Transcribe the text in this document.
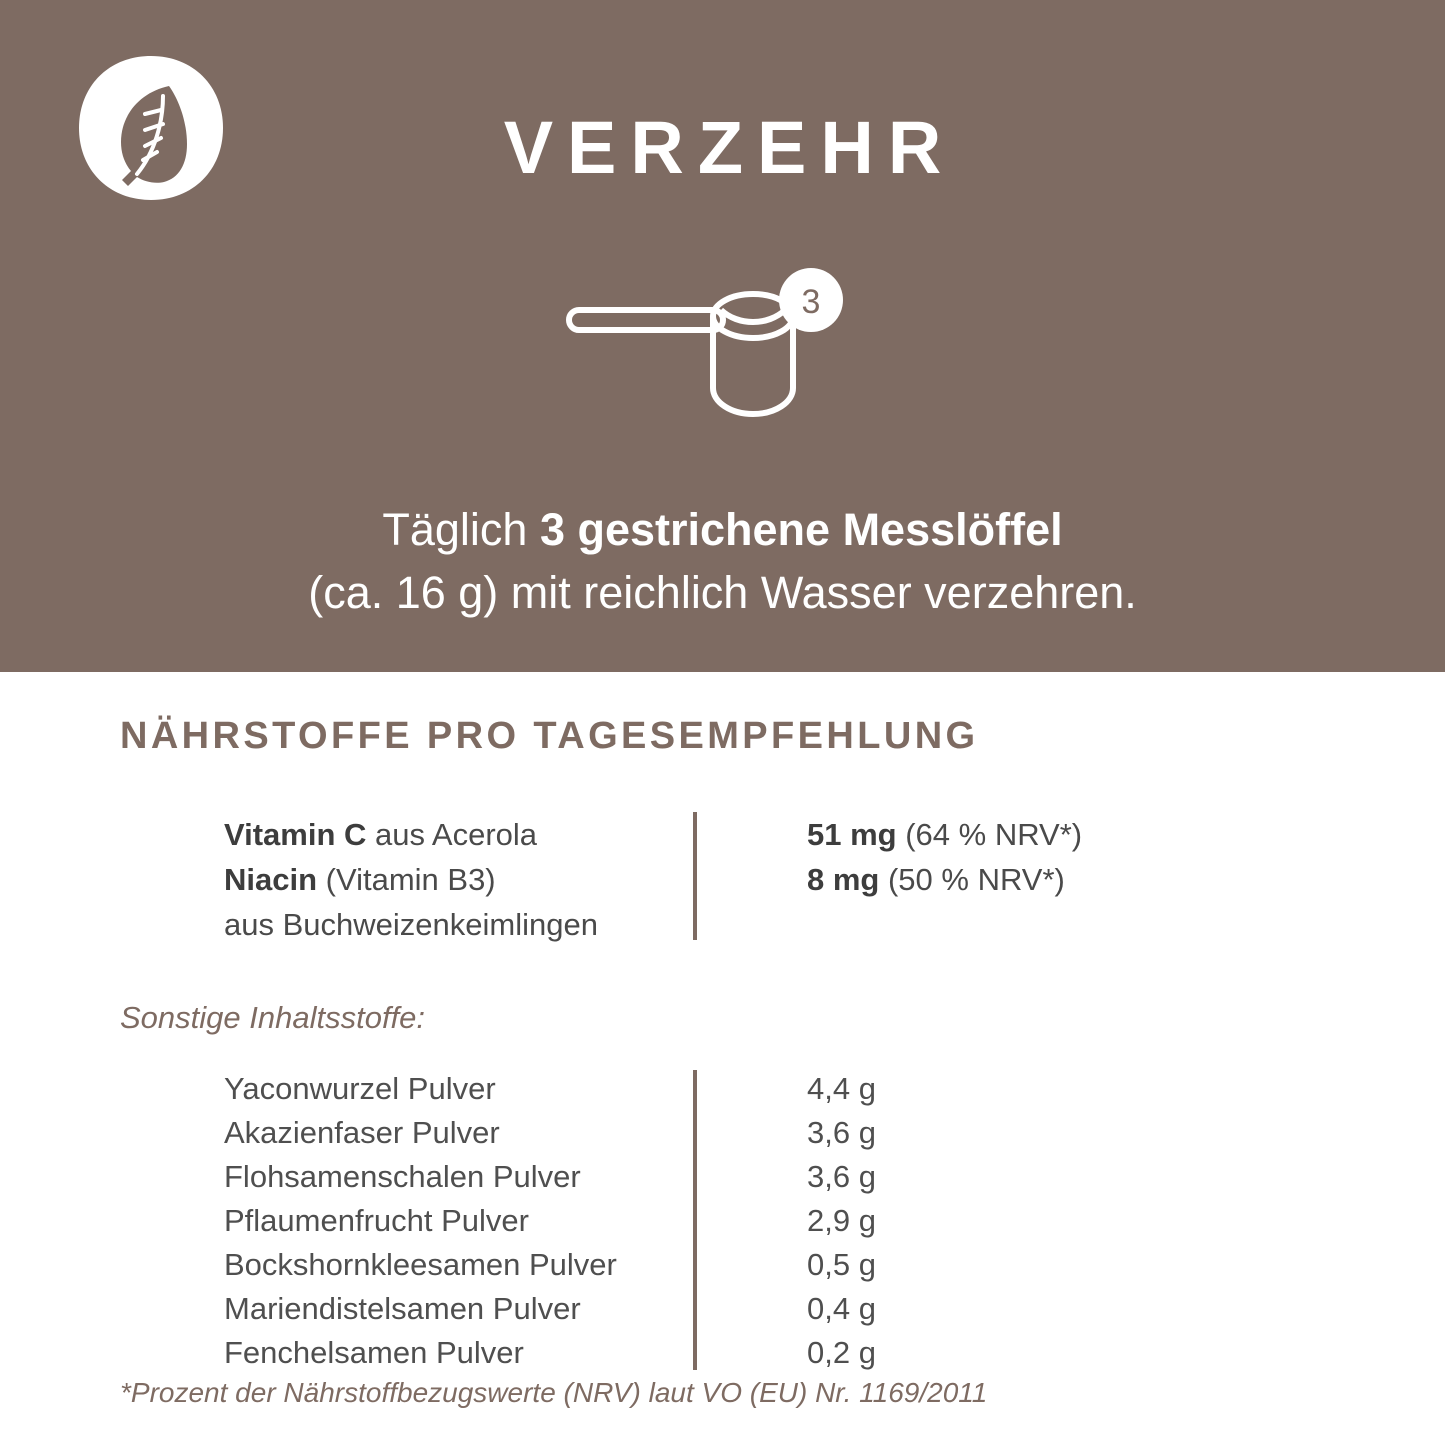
VERZEHR
3
Täglich 3 gestrichene Messlöffel
(ca. 16 g) mit reichlich Wasser verzehren.
NÄHRSTOFFE PRO TAGESEMPFEHLUNG
Vitamin C aus Acerola	51 mg (64 % NRV*)
Niacin (Vitamin B3)	8 mg (50 % NRV*)
aus Buchweizenkeimlingen
Sonstige Inhaltsstoffe:
Yaconwurzel Pulver	4,4 g
Akazienfaser Pulver	3,6 g
Flohsamenschalen Pulver	3,6 g
Pflaumenfrucht Pulver	2,9 g
Bockshornkleesamen Pulver	0,5 g
Mariendistelsamen Pulver	0,4 g
Fenchelsamen Pulver	0,2 g
*Prozent der Nährstoffbezugswerte (NRV) laut VO (EU) Nr. 1169/2011
